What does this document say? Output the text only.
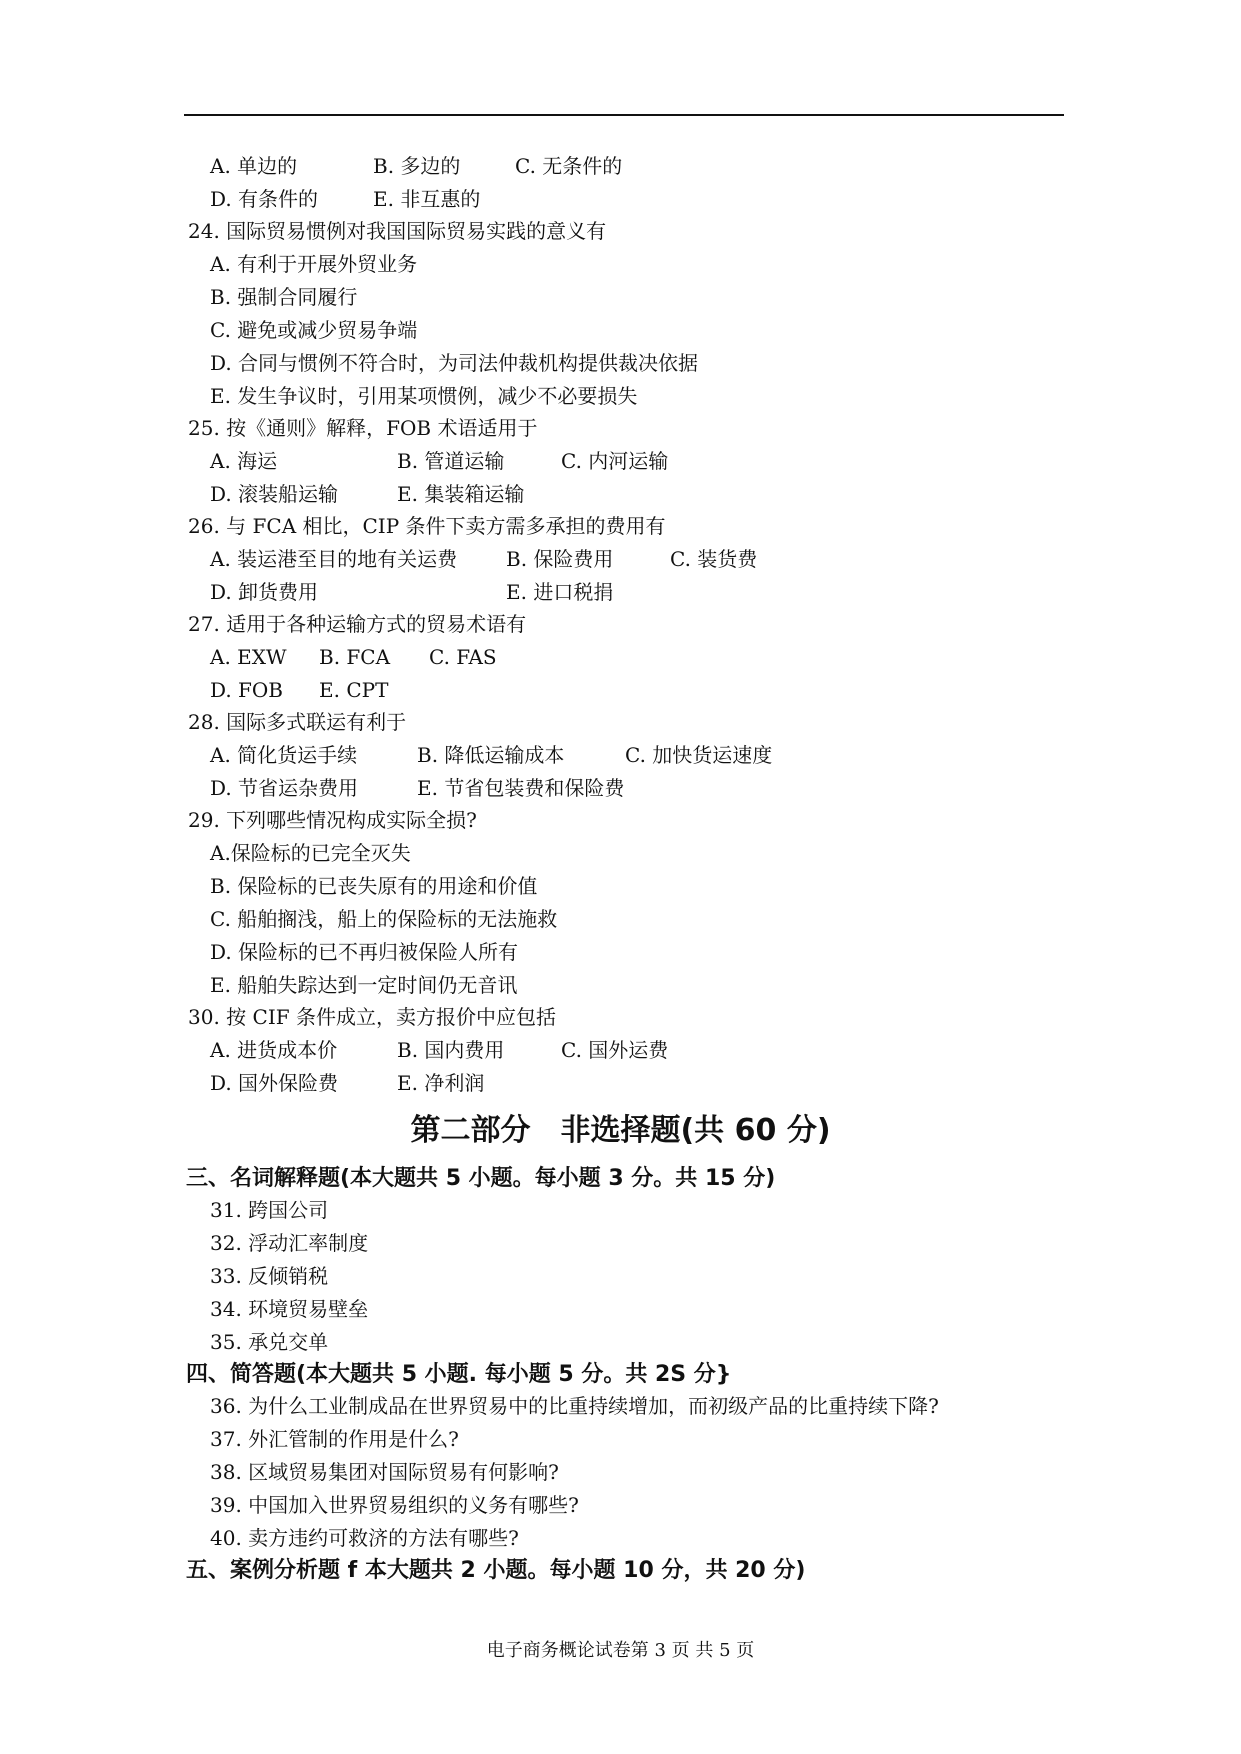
A. 单边的	B. 多边的	C. 无条件的
D. 有条件的	E. 非互惠的
24. 国际贸易惯例对我国国际贸易实践的意义有
A. 有利于开展外贸业务
B. 强制合同履行
C. 避免或减少贸易争端
D. 合同与惯例不符合时，为司法仲裁机构提供裁决依据
E. 发生争议时，引用某项惯例，减少不必要损失
25. 按《通则》解释，FOB 术语适用于
A. 海运	B. 管道运输	C. 内河运输
D. 滚装船运输	E. 集装箱运输
26. 与 FCA 相比，CIP 条件下卖方需多承担的费用有
A. 装运港至目的地有关运费 B. 保险费用	C. 装货费
D. 卸货费用	E. 进口税捐
27. 适用于各种运输方式的贸易术语有
A. EXW B. FCA C. FAS
D. FOB E. CPT
28. 国际多式联运有利于
A. 简化货运手续	B. 降低运输成本	C. 加快货运速度
D. 节省运杂费用	E. 节省包装费和保险费
29. 下列哪些情况构成实际全损?
A.保险标的已完全灭失
B. 保险标的已丧失原有的用途和价值
C. 船舶搁浅，船上的保险标的无法施救
D. 保险标的已不再归被保险人所有
E. 船舶失踪达到一定时间仍无音讯
30. 按 CIF 条件成立，卖方报价中应包括
A. 进货成本价	B. 国内费用	C. 国外运费
D. 国外保险费	E. 净利润
第二部分　非选择题(共 60 分)
三、名词解释题(本大题共 5 小题。每小题 3 分。共 15 分)
31. 跨国公司
32. 浮动汇率制度
33. 反倾销税
34. 环境贸易壁垒
35. 承兑交单
四、简答题(本大题共 5 小题. 每小题 5 分。共 2S 分}
36. 为什么工业制成品在世界贸易中的比重持续增加，而初级产品的比重持续下降?
37. 外汇管制的作用是什么?
38. 区域贸易集团对国际贸易有何影响?
39. 中国加入世界贸易组织的义务有哪些?
40. 卖方违约可救济的方法有哪些?
五、案例分析题 f 本大题共 2 小题。每小题 10 分，共 20 分)
电子商务概论试卷第 3 页 共 5 页
